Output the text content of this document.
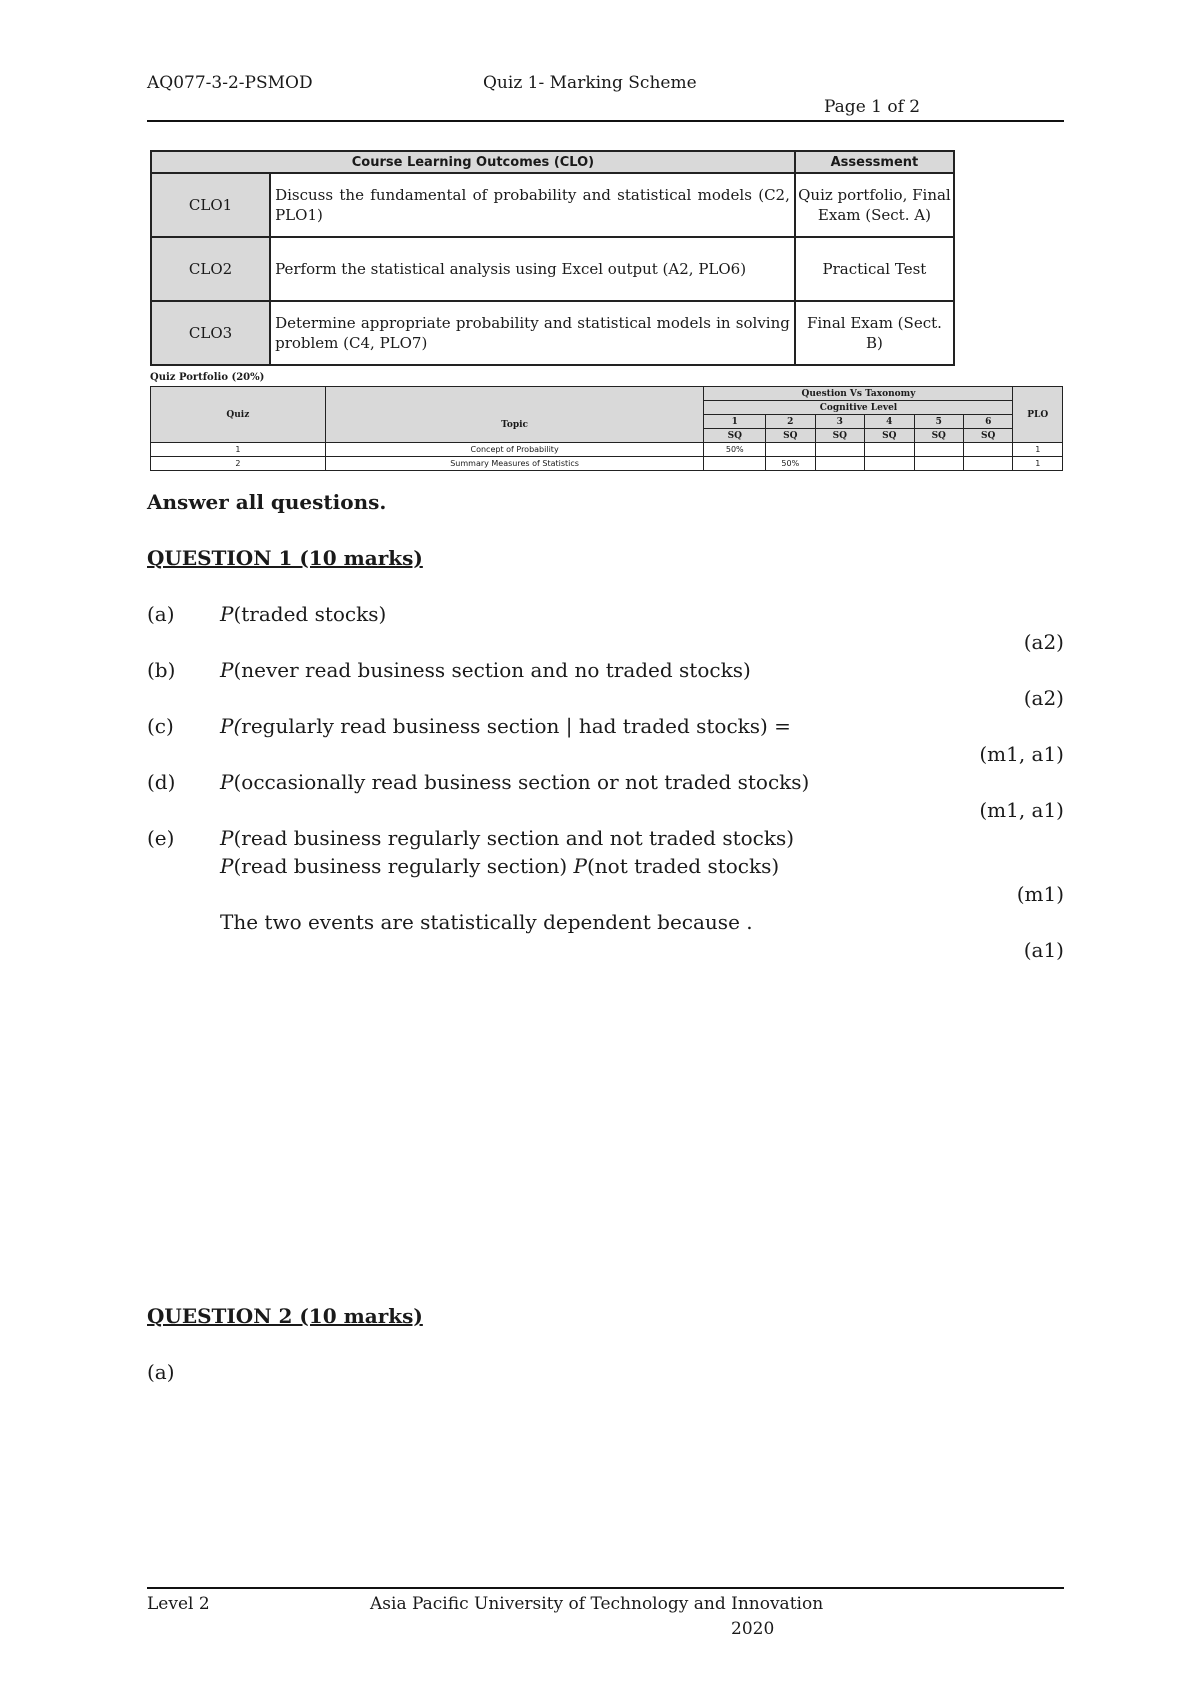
AQ077-3-2-PSMOD	Quiz 1- Marking Scheme
Page 1 of 2
Course Learning Outcomes (CLO)		Assessment
CLO1	Discuss the fundamental of probability and statistical models (C2, PLO1)	Quiz portfolio, Final Exam (Sect. A)
CLO2	Perform the statistical analysis using Excel output (A2, PLO6)	Practical Test
CLO3	Determine appropriate probability and statistical models in solving problem (C4, PLO7)	Final Exam (Sect. B)
Quiz Portfolio (20%)
Quiz	Topic	Question Vs Taxonomy						PLO
		Cognitive Level						
		1	2	3	4	5	6	
		SQ	SQ	SQ	SQ	SQ	SQ	
1	Concept of Probability	50%						1
2	Summary Measures of Statistics		50%					1
Answer all questions.
QUESTION 1 (10 marks)
(a) P(traded stocks)
(a2)
(b) P(never read business section and no traded stocks)
(a2)
(c) P(regularly read business section | had traded stocks) =
(m1, a1)
(d) P(occasionally read business section or not traded stocks)
(m1, a1)
(e) P(read business regularly section and not traded stocks)
P(read business regularly section) P(not traded stocks)
(m1)
The two events are statistically dependent because .
(a1)
QUESTION 2 (10 marks)
(a)
Level 2	Asia Pacific University of Technology and Innovation
2020
